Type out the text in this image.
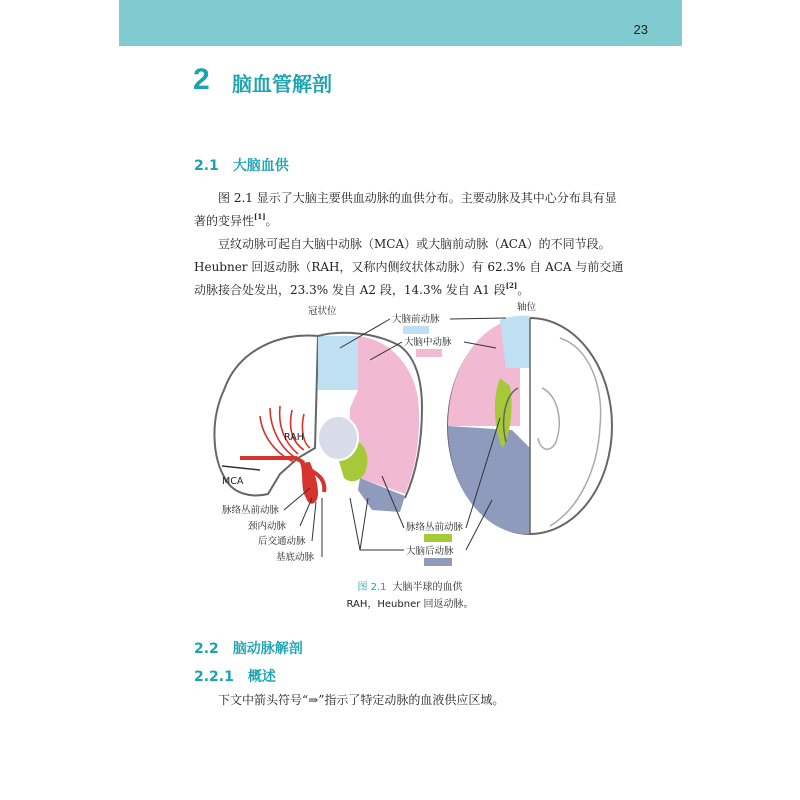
23
2 脑血管解剖
2.1 大脑血供

图 2.1 显示了大脑主要供血动脉的血供分布。主要动脉及其中心分布具有显著的变异性[1]。

豆纹动脉可起自大脑中动脉（MCA）或大脑前动脉（ACA）的不同节段。Heubner 回返动脉（RAH，又称内侧纹状体动脉）有 62.3% 自 ACA 与前交通动脉接合处发出，23.3% 发自 A2 段，14.3% 发自 A1 段[2]。

冠状位	轴位
大脑前动脉
大脑中动脉
RAH
MCA
脉络丛前动脉
颈内动脉
后交通动脉
基底动脉
脉络丛前动脉
大脑后动脉
图 2.1 大脑半球的血供
RAH，Heubner 回返动脉。
2.2 脑动脉解剖
2.2.1 概述

下文中箭头符号“⇒”指示了特定动脉的血液供应区域。
